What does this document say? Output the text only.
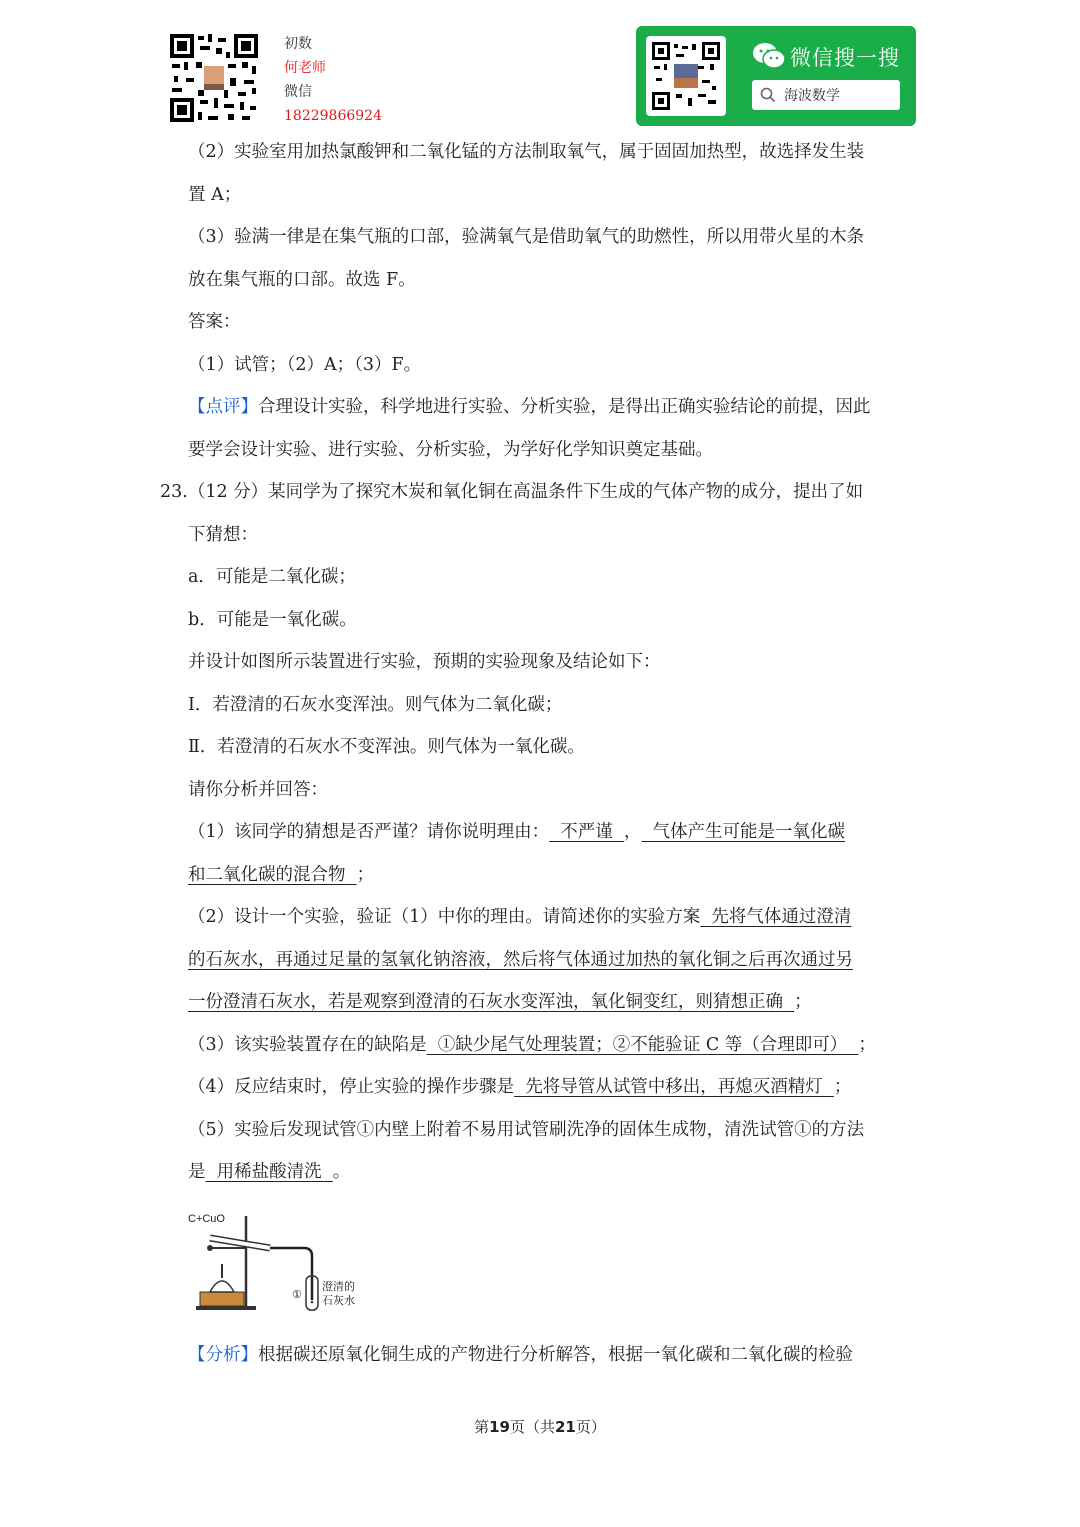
初数
何老师
微信
18229866924
微信搜一搜
海波数学
（2）实验室用加热氯酸钾和二氧化锰的方法制取氧气，属于固固加热型，故选择发生装
置 A；
（3）验满一律是在集气瓶的口部，验满氧气是借助氧气的助燃性，所以用带火星的木条
放在集气瓶的口部。故选 F。
答案：
（1）试管；（2）A；（3）F。
【点评】合理设计实验，科学地进行实验、分析实验，是得出正确实验结论的前提，因此
要学会设计实验、进行实验、分析实验，为学好化学知识奠定基础。
23.（12 分）某同学为了探究木炭和氧化铜在高温条件下生成的气体产物的成分，提出了如
下猜想：
a．可能是二氧化碳；
b．可能是一氧化碳。
并设计如图所示装置进行实验，预期的实验现象及结论如下：
Ⅰ．若澄清的石灰水变浑浊。则气体为二氧化碳；
Ⅱ．若澄清的石灰水不变浑浊。则气体为一氧化碳。
请你分析并回答：
（1）该同学的猜想是否严谨？请你说明理由：  不严谨  ，  气体产生可能是一氧化碳
和二氧化碳的混合物  ；
（2）设计一个实验，验证（1）中你的理由。请简述你的实验方案  先将气体通过澄清
的石灰水，再通过足量的氢氧化钠溶液，然后将气体通过加热的氧化铜之后再次通过另
一份澄清石灰水，若是观察到澄清的石灰水变浑浊，氧化铜变红，则猜想正确  ；
（3）该实验装置存在的缺陷是  ①缺少尾气处理装置；②不能验证 C 等（合理即可）  ；
（4）反应结束时，停止实验的操作步骤是  先将导管从试管中移出，再熄灭酒精灯  ；
（5）实验后发现试管①内壁上附着不易用试管刷洗净的固体生成物，清洗试管①的方法
是  用稀盐酸清洗  。
C+CuO
①
澄清的
石灰水
【分析】根据碳还原氧化铜生成的产物进行分析解答，根据一氧化碳和二氧化碳的检验
第19页（共21页）
